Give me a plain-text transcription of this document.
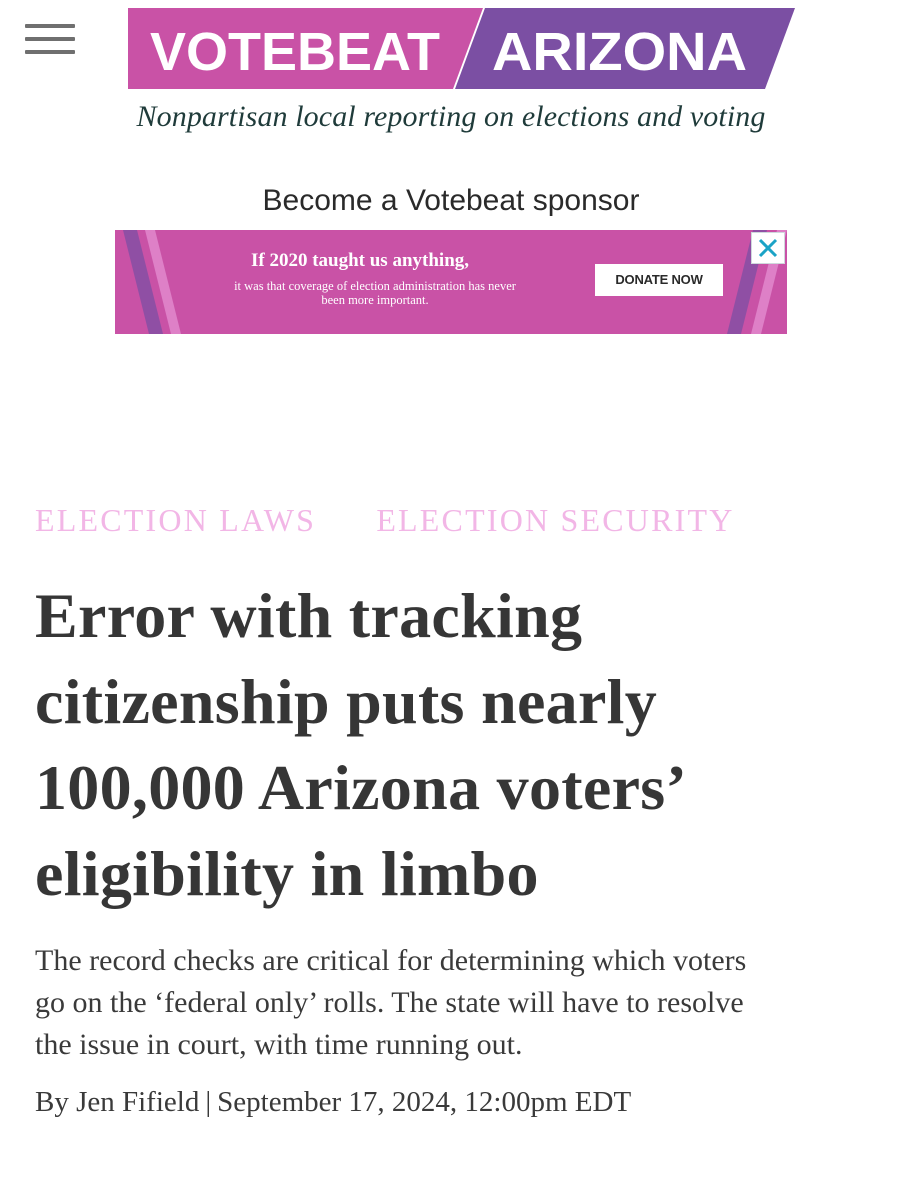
VOTEBEAT ARIZONA
Nonpartisan local reporting on elections and voting
Become a Votebeat sponsor
If 2020 taught us anything,
it was that coverage of election administration has never
been more important.
DONATE NOW
ELECTION LAWS ELECTION SECURITY
Error with tracking
citizenship puts nearly
100,000 Arizona voters’
eligibility in limbo

The record checks are critical for determining which voters
go on the ‘federal only’ rolls. The state will have to resolve
the issue in court, with time running out.

By Jen Fifield | September 17, 2024, 12:00pm EDT
